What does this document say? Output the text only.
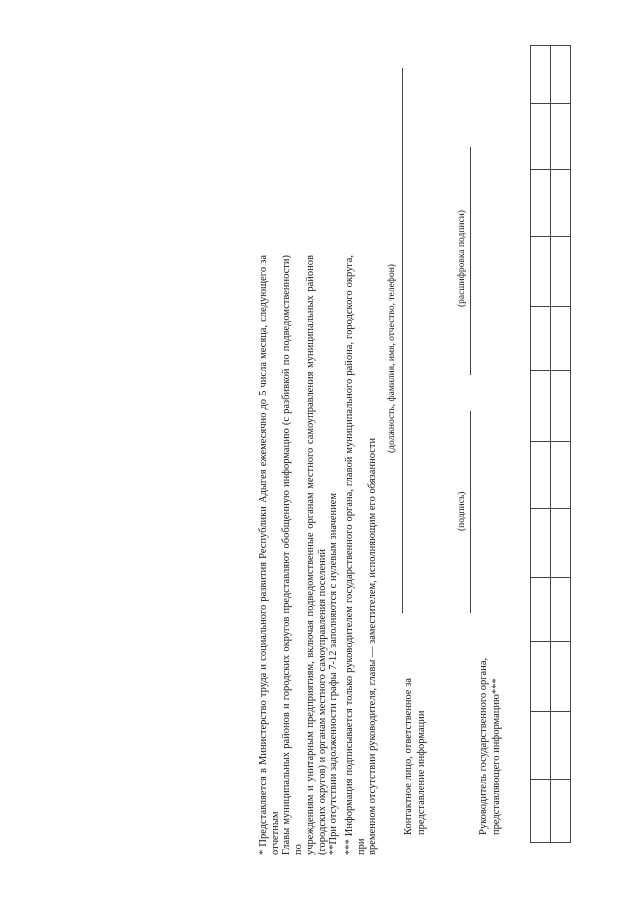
Руководитель государственного органа, представляющего информацию***
(подпись)
(расшифровка подписи)
Контактное лицо, ответственное за представление информации
(должность, фамилия, имя, отчество, телефон)

* Представляется в Министерство труда и социального развития Республики Адыгея ежемесячно до 5 числа месяца, следующего за отчетным Главы муниципальных районов и городских округов представляют обобщенную информацию (с разбивкой по подведомственности) по учреждениям и унитарным предприятиям, включая подведомственные органам местного самоуправления муниципальных районов (городских округов) и органам местного самоуправления поселений **При отсутствии задолженности графы 7-12 заполняются с нулевым значением *** Информация подписывается только руководителем государственного органа, главой муниципального района, городского округа, при временном отсутствии руководителя, главы — заместителем, исполняющим его обязанности
